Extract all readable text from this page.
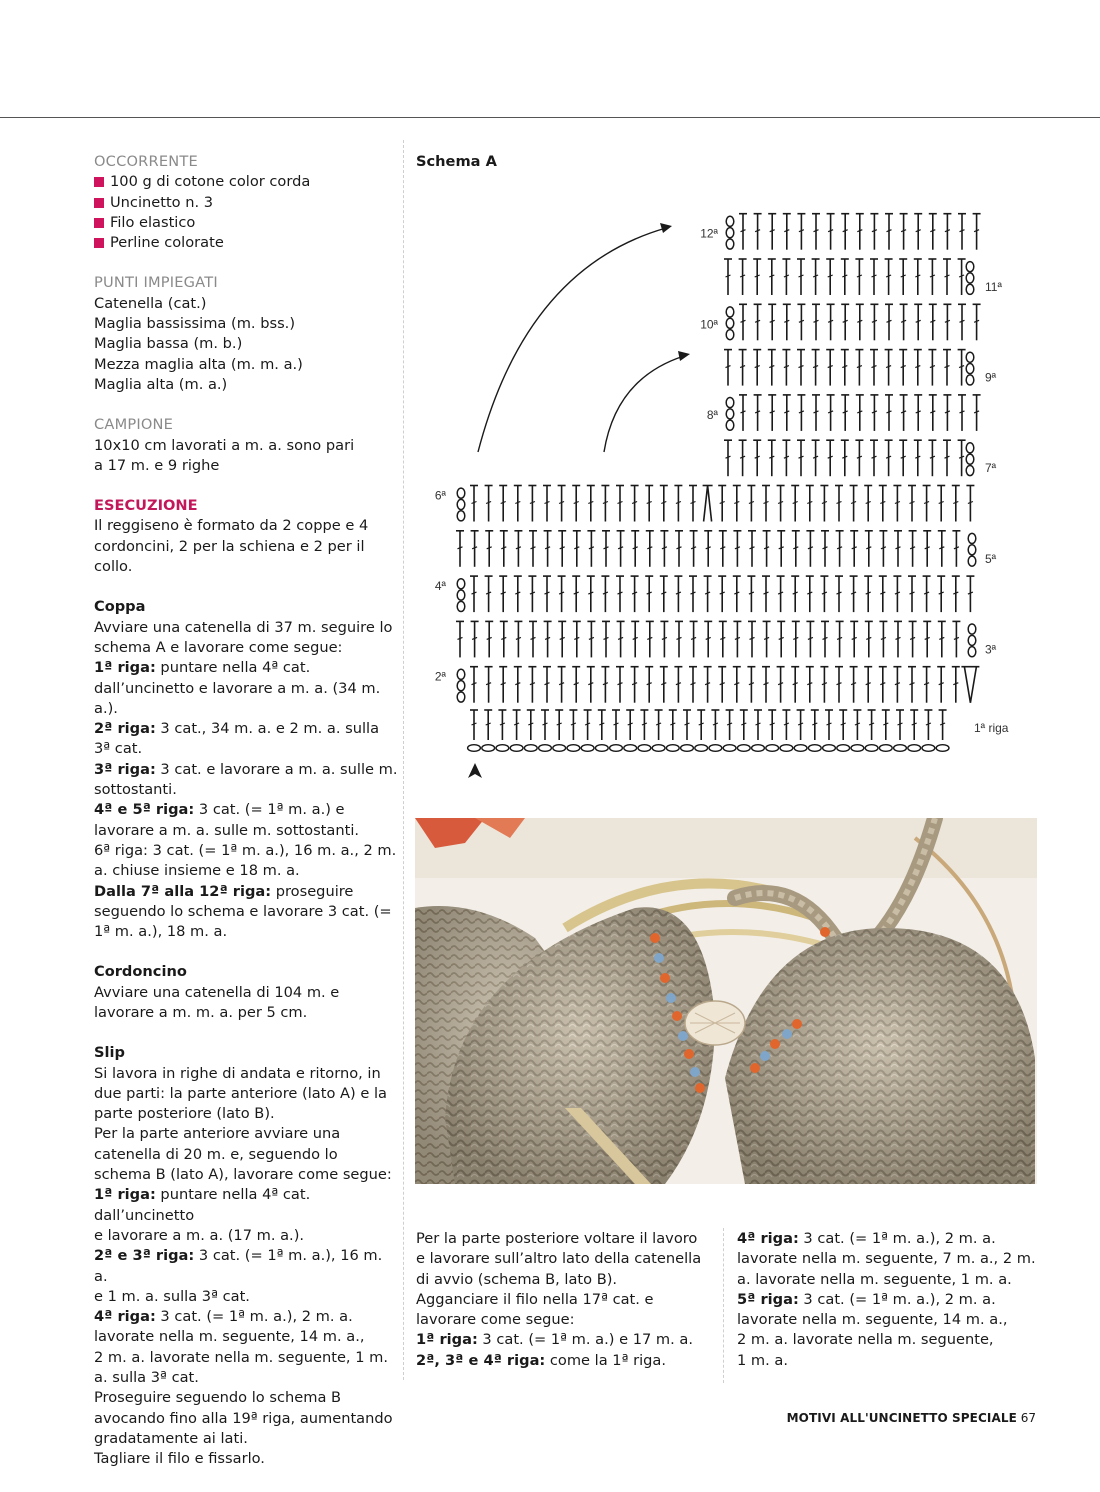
OCCORRENTE

100 g di cotone color corda
Uncinetto n. 3
Filo elastico
Perline colorate

PUNTI IMPIEGATI

Catenella (cat.)

Maglia bassissima (m. bss.)

Maglia bassa (m. b.)

Mezza maglia alta (m. m. a.)

Maglia alta (m. a.)

CAMPIONE

10x10 cm lavorati a m. a. sono pari

a 17 m. e 9 righe

ESECUZIONE

Il reggiseno è formato da 2 coppe e 4

cordoncini, 2 per la schiena e 2 per il collo.

Coppa

Avviare una catenella di 37 m. seguire lo

schema A e lavorare come segue:

1ª riga: puntare nella 4ª cat.

dall’uncinetto e lavorare a m. a. (34 m. a.).

2ª riga: 3 cat., 34 m. a. e 2 m. a. sulla 3ª cat.

3ª riga: 3 cat. e lavorare a m. a. sulle m.

sottostanti.

4ª e 5ª riga: 3 cat. (= 1ª m. a.) e

lavorare a m. a. sulle m. sottostanti.

6ª riga: 3 cat. (= 1ª m. a.), 16 m. a., 2 m.

a. chiuse insieme e 18 m. a.

Dalla 7ª alla 12ª riga: proseguire

seguendo lo schema e lavorare 3 cat. (=

1ª m. a.), 18 m. a.

Cordoncino

Avviare una catenella di 104 m. e

lavorare a m. m. a. per 5 cm.

Slip

Si lavora in righe di andata e ritorno, in

due parti: la parte anteriore (lato A) e la

parte posteriore (lato B).

Per la parte anteriore avviare una

catenella di 20 m. e, seguendo lo

schema B (lato A), lavorare come segue:

1ª riga: puntare nella 4ª cat. dall’uncinetto

e lavorare a m. a. (17 m. a.).

2ª e 3ª riga: 3 cat. (= 1ª m. a.), 16 m. a.

e 1 m. a. sulla 3ª cat.

4ª riga: 3 cat. (= 1ª m. a.), 2 m. a.

lavorate nella m. seguente, 14 m. a.,

2 m. a. lavorate nella m. seguente, 1 m.

a. sulla 3ª cat.

Proseguire seguendo lo schema B

avocando fino alla 19ª riga, aumentando

gradatamente ai lati.

Tagliare il filo e fissarlo.

Schema A
1ª riga
2ª
3ª
4ª
5ª
6ª
7ª
8ª
9ª
10ª
11ª
12ª

Per la parte posteriore voltare il lavoro

e lavorare sull’altro lato della catenella

di avvio (schema B, lato B).

Agganciare il filo nella 17ª cat. e

lavorare come segue:

1ª riga: 3 cat. (= 1ª m. a.) e 17 m. a.

2ª, 3ª e 4ª riga: come la 1ª riga.

4ª riga: 3 cat. (= 1ª m. a.), 2 m. a.

lavorate nella m. seguente, 7 m. a., 2 m.

a. lavorate nella m. seguente, 1 m. a.

5ª riga: 3 cat. (= 1ª m. a.), 2 m. a.

lavorate nella m. seguente, 14 m. a.,

2 m. a. lavorate nella m. seguente,

1 m. a.

MOTIVI ALL'UNCINETTO SPECIALE 67
